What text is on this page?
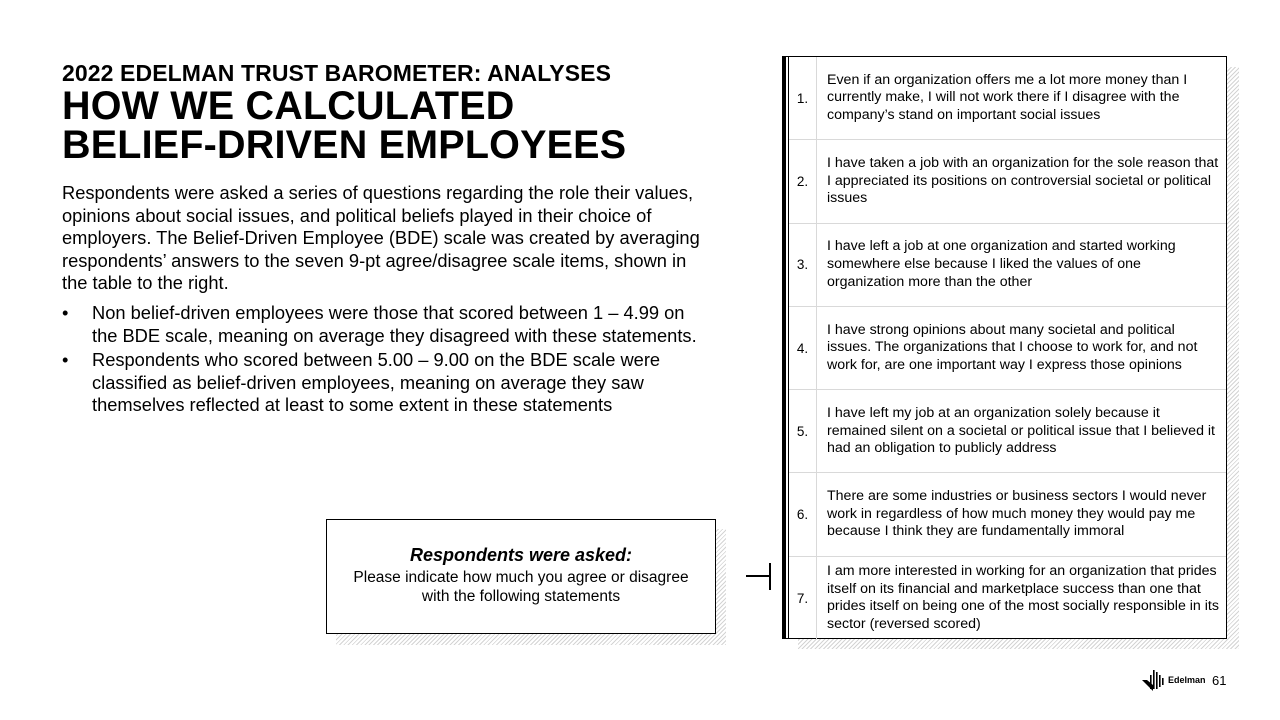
2022 EDELMAN TRUST BAROMETER: ANALYSES
HOW WE CALCULATED
BELIEF-DRIVEN EMPLOYEES
Respondents were asked a series of questions regarding the role their values, opinions about social issues, and political beliefs played in their choice of employers. The Belief-Driven Employee (BDE) scale was created by averaging respondents’ answers to the seven 9-pt agree/disagree scale items, shown in the table to the right.
• Non belief-driven employees were those that scored between 1 – 4.99 on the BDE scale, meaning on average they disagreed with these statements.
• Respondents who scored between 5.00 – 9.00 on the BDE scale were classified as belief-driven employees, meaning on average they saw themselves reflected at least to some extent in these statements
Respondents were asked:
Please indicate how much you agree or disagree with the following statements
1.
Even if an organization offers me a lot more money than I currently make, I will not work there if I disagree with the company’s stand on important social issues
2.
I have taken a job with an organization for the sole reason that I appreciated its positions on controversial societal or political issues
3.
I have left a job at one organization and started working somewhere else because I liked the values of one organization more than the other
4.
I have strong opinions about many societal and political issues. The organizations that I choose to work for, and not work for, are one important way I express those opinions
5.
I have left my job at an organization solely because it remained silent on a societal or political issue that I believed it had an obligation to publicly address
6.
There are some industries or business sectors I would never work in regardless of how much money they would pay me because I think they are fundamentally immoral
7.
I am more interested in working for an organization that prides itself on its financial and marketplace success than one that prides itself on being one of the most socially responsible in its sector (reversed scored)
Edelman 61
